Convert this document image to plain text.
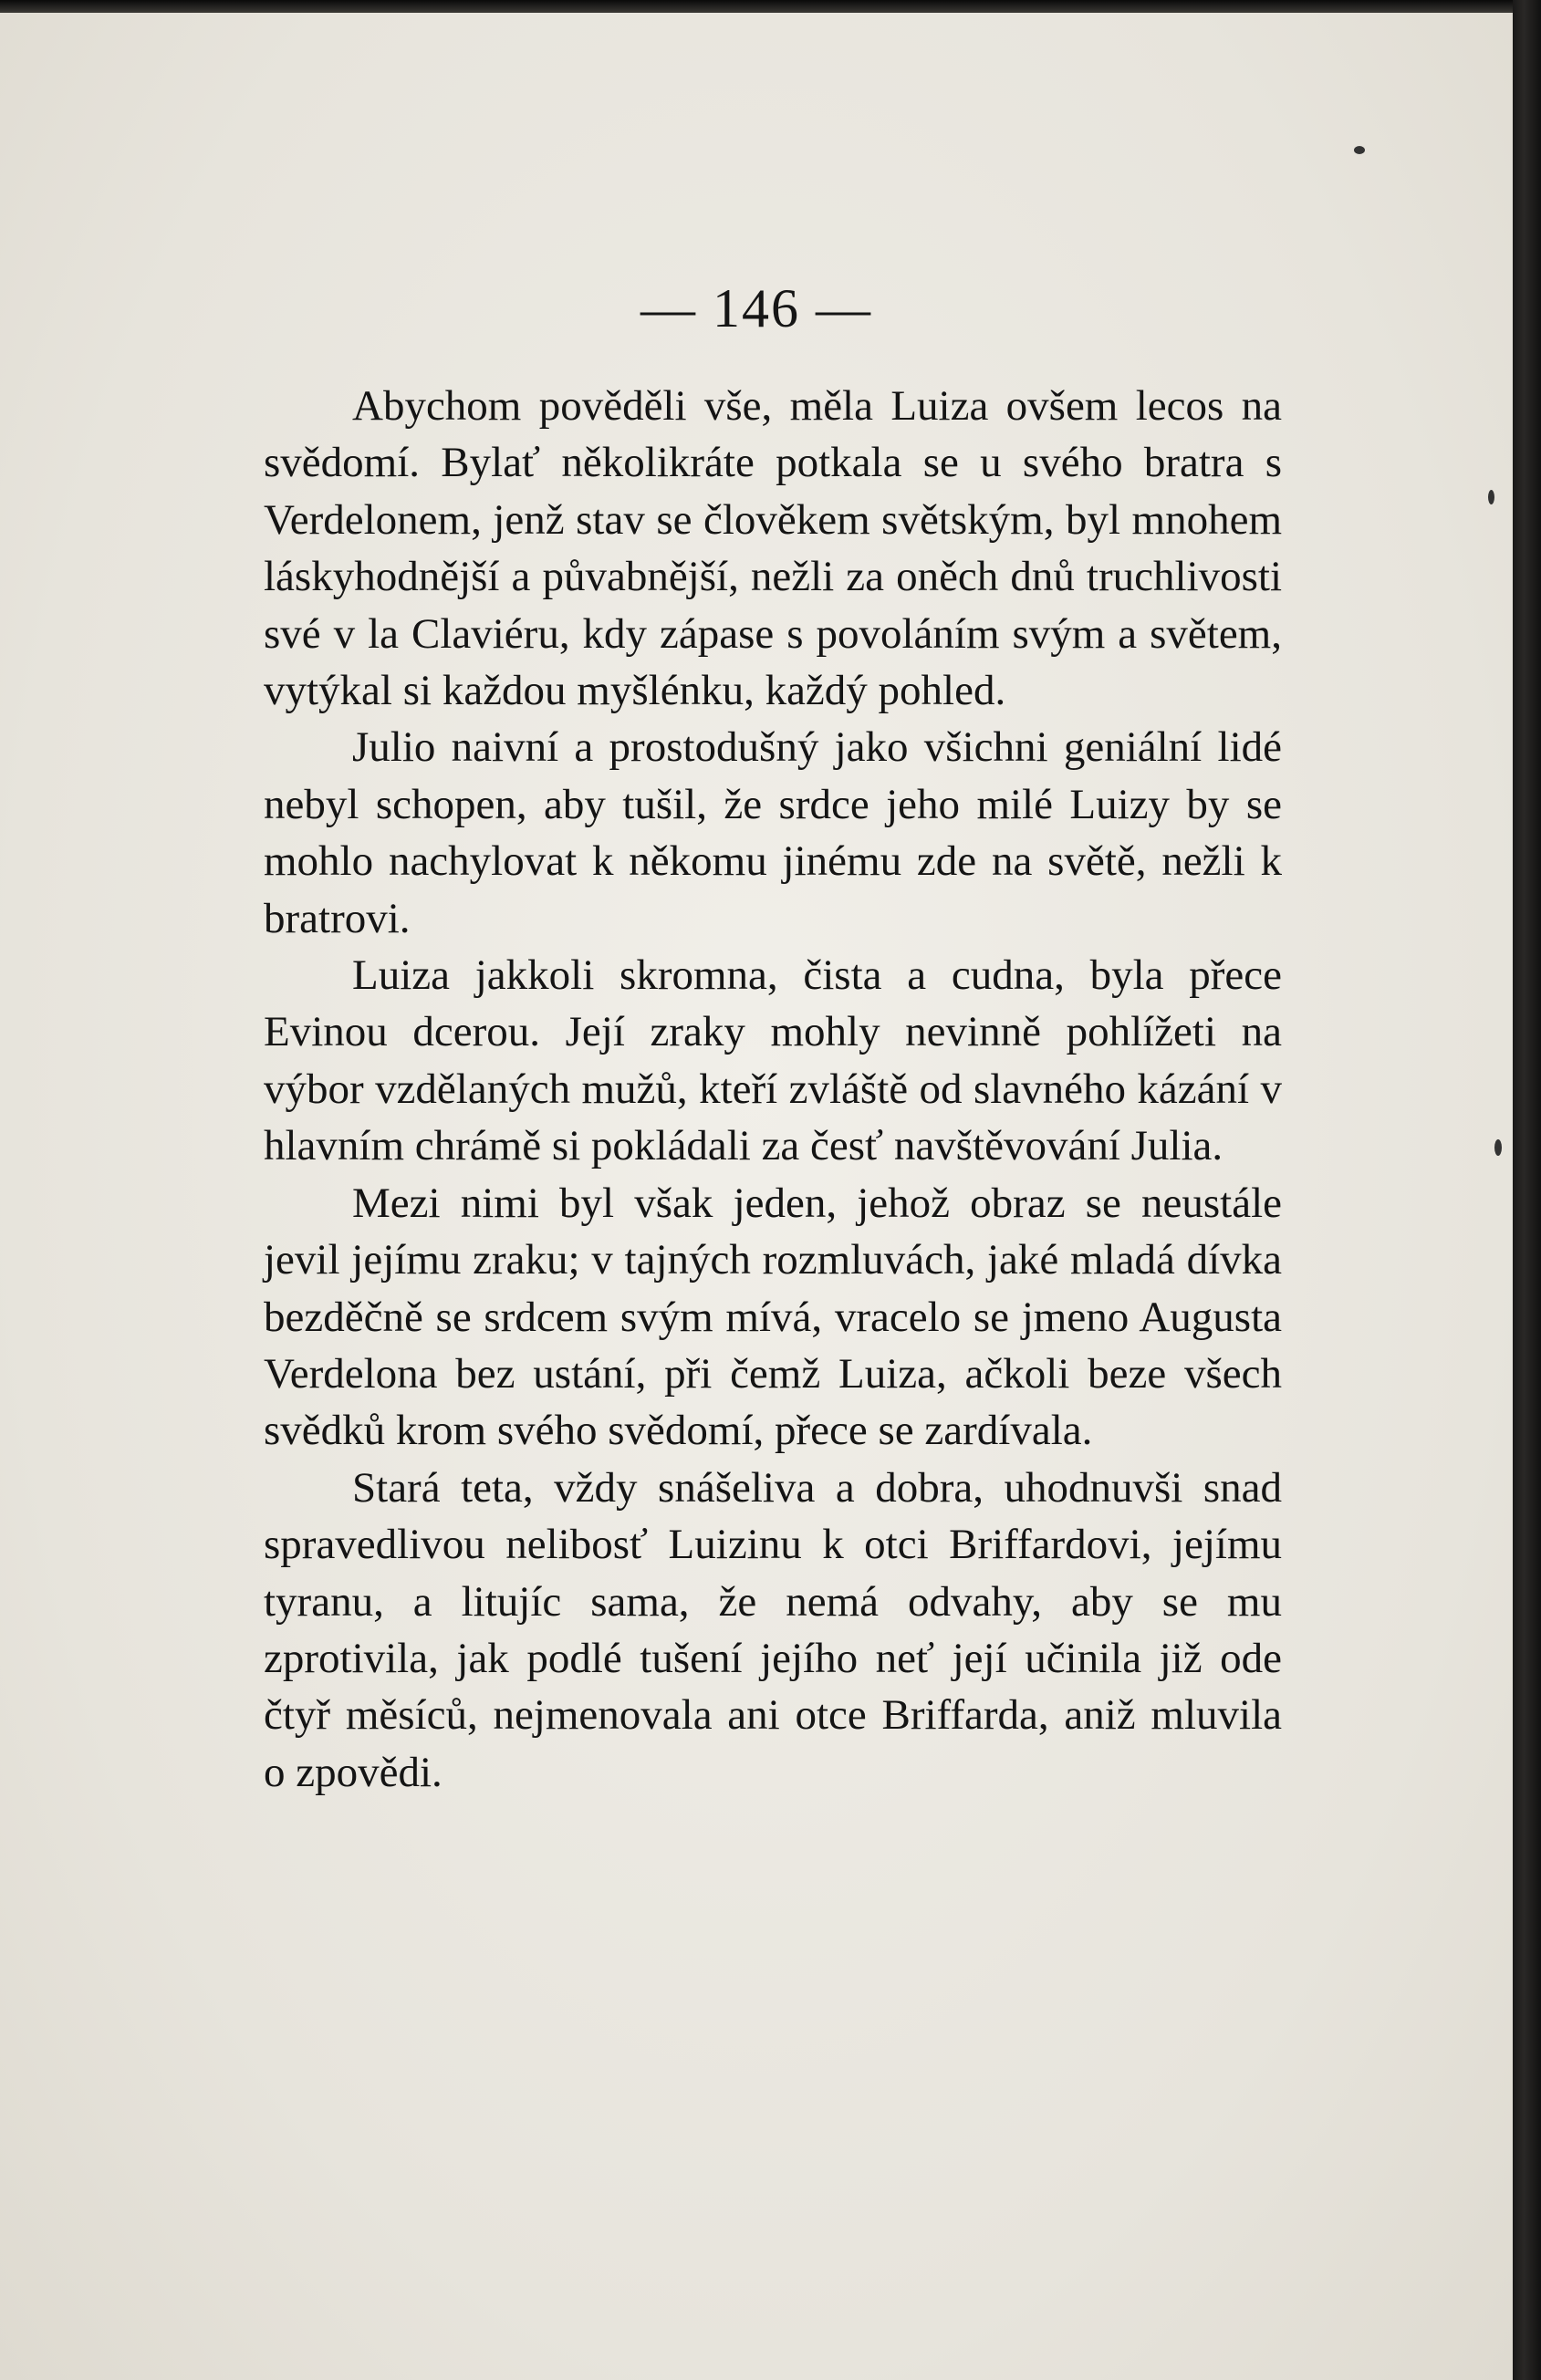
— 146 —

Abychom pověděli vše, měla Luiza ovšem lecos na svědomí. Bylať několikráte potkala se u svého bratra s Verdelonem, jenž stav se člověkem světským, byl mnohem láskyhodnější a půvabnější, nežli za oněch dnů truchlivosti své v la Claviéru, kdy zápase s povoláním svým a světem, vytýkal si každou myšlénku, každý pohled.

Julio naivní a prostodušný jako všichni geniální lidé nebyl schopen, aby tušil, že srdce jeho milé Luizy by se mohlo nachylovat k někomu jinému zde na světě, nežli k bratrovi.

Luiza jakkoli skromna, čista a cudna, byla přece Evinou dcerou. Její zraky mohly nevinně pohlížeti na výbor vzdělaných mužů, kteří zvláště od slavného kázání v hlavním chrámě si pokládali za česť navštěvování Julia.

Mezi nimi byl však jeden, jehož obraz se neustále jevil jejímu zraku; v tajných rozmluvách, jaké mladá dívka bezděčně se srdcem svým mívá, vracelo se jmeno Augusta Verdelona bez ustání, při čemž Luiza, ačkoli beze všech svědků krom svého svědomí, přece se zardívala.

Stará teta, vždy snášeliva a dobra, uhodnuvši snad spravedlivou nelibosť Luizinu k otci Briffardovi, jejímu tyranu, a litujíc sama, že nemá odvahy, aby se mu zprotivila, jak podlé tušení jejího neť její učinila již ode čtyř měsíců, nejmenovala ani otce Briffarda, aniž mluvila o zpovědi.
